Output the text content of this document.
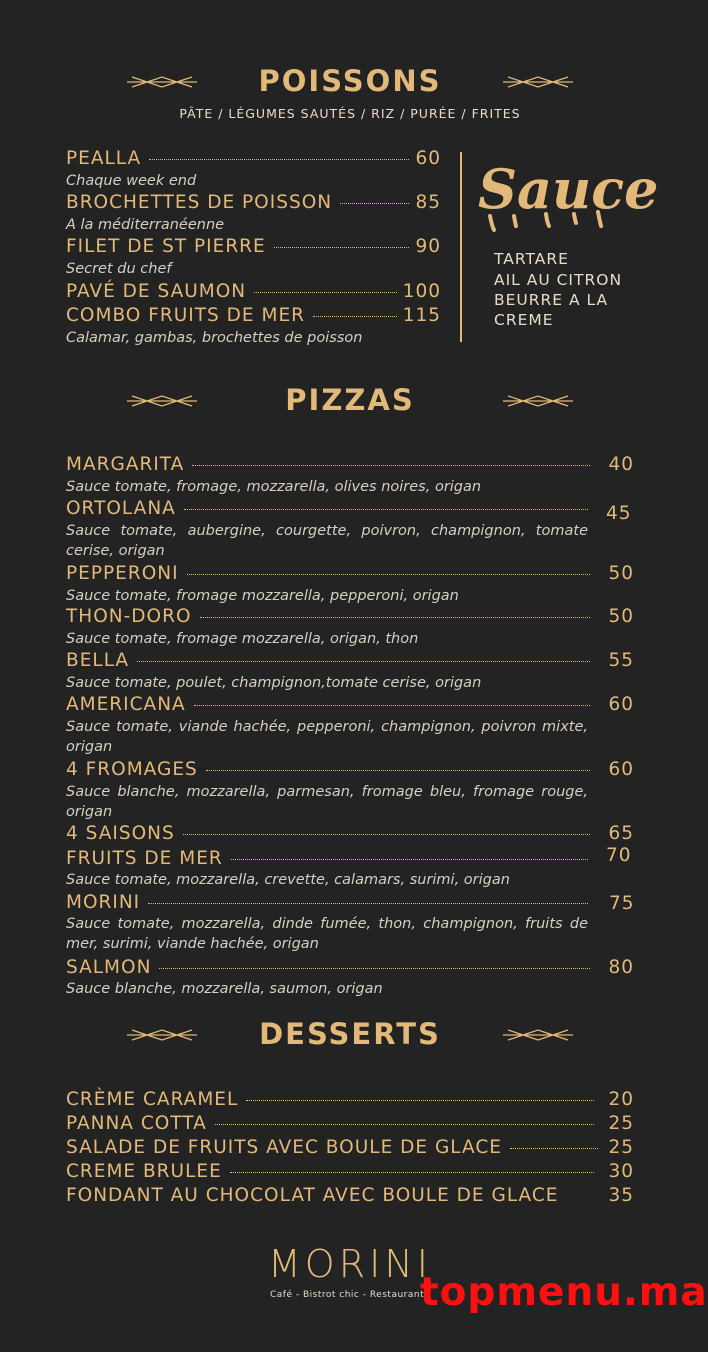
POISSONS
PÂTE / LÉGUMES SAUTÉS / RIZ / PURÉE / FRITES
PEALLA	60
Chaque week end
BROCHETTES DE POISSON	85
A la méditerranéenne
FILET DE ST PIERRE	90
Secret du chef
PAVÉ DE SAUMON	100
COMBO FRUITS DE MER	115
Calamar, gambas, brochettes de poisson
Sauce
TARTARE
AIL AU CITRON
BEURRE A LA
CREME
PIZZAS
MARGARITA	40
Sauce tomate, fromage, mozzarella, olives noires, origan
ORTOLANA	45
Sauce tomate, aubergine, courgette, poivron, champignon, tomate cerise, origan
PEPPERONI	50
Sauce tomate, fromage mozzarella, pepperoni, origan
THON-DORO	50
Sauce tomate, fromage mozzarella, origan, thon
BELLA	55
Sauce tomate, poulet, champignon,tomate cerise, origan
AMERICANA	60
Sauce tomate, viande hachée, pepperoni, champignon, poivron mixte, origan
4 FROMAGES	60
Sauce blanche, mozzarella, parmesan, fromage bleu, fromage rouge, origan
4 SAISONS	65
FRUITS DE MER	70
Sauce tomate, mozzarella, crevette, calamars, surimi, origan
MORINI	75
Sauce tomate, mozzarella, dinde fumée, thon, champignon, fruits de mer, surimi, viande hachée, origan
SALMON	80
Sauce blanche, mozzarella, saumon, origan
DESSERTS
CRÈME CARAMEL	20
PANNA COTTA	25
SALADE DE FRUITS AVEC BOULE DE GLACE	25
CREME BRULEE	30
FONDANT AU CHOCOLAT AVEC BOULE DE GLACE	35
MORINI
Café - Bistrot chic - Restaurant
topmenu.ma
